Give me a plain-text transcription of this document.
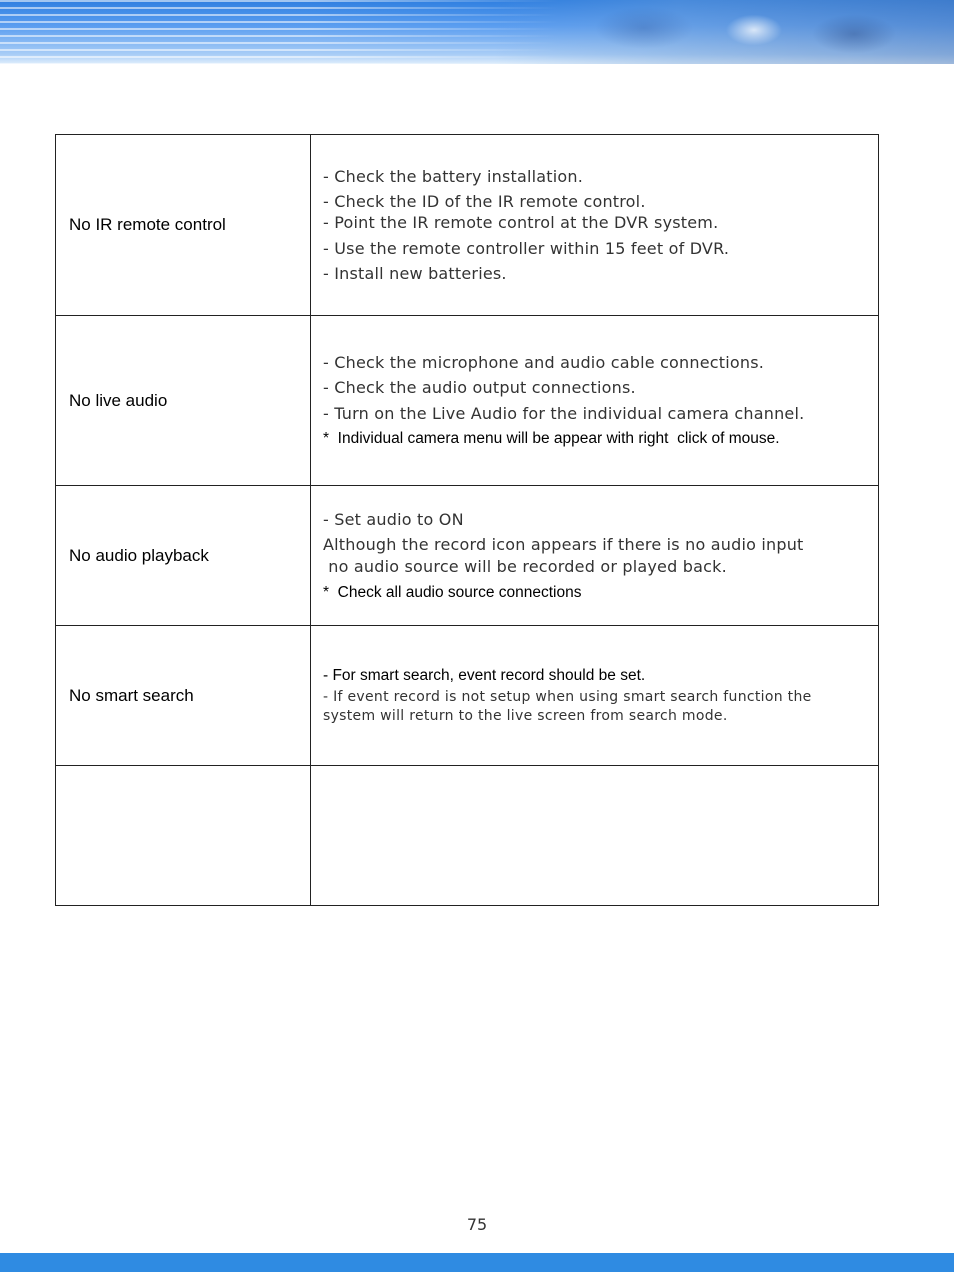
No IR remote control	- Check the battery installation.
- Check the ID of the IR remote control.
- Point the IR remote control at the DVR system.
- Use the remote controller within 15 feet of DVR.
- Install new batteries.

No live audio	- Check the microphone and audio cable connections.
- Check the audio output connections.
- Turn on the Live Audio for the individual camera channel.
*  Individual camera menu will be appear with right  click of mouse.

No audio playback	- Set audio to ON
Although the record icon appears if there is no audio input
no audio source will be recorded or played back.
*  Check all audio source connections

No smart search	- For smart search, event record should be set.
- If event record is not setup when using smart search function the
system will return to the live screen from search mode.

75
